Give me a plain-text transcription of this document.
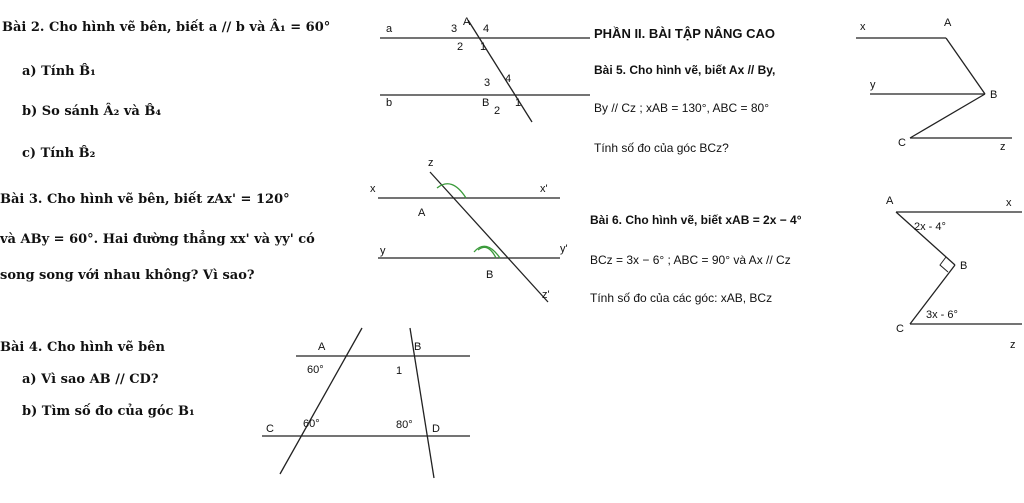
Bài 2. Cho hình vẽ bên, biết a // b và Â₁ = 60°
a) Tính B̂₁
b) So sánh Â₂ và B̂₄
c) Tính B̂₂
Bài 3. Cho hình vẽ bên, biết zAx' = 120°
và ABy = 60°. Hai đường thẳng xx' và yy' có
song song với nhau không? Vì sao?
Bài 4. Cho hình vẽ bên
a) Vì sao AB // CD?
b) Tìm số đo của góc B₁
PHẦN II. BÀI TẬP NÂNG CAO
Bài 5. Cho hình vẽ, biết Ax // By,
By // Cz ; xAB = 130°, ABC = 80°
Tính số đo của góc BCz?
Bài 6. Cho hình vẽ, biết xAB = 2x − 4°
BCz = 3x − 6° ; ABC = 90° và Ax // Cz
Tính số đo của các góc: xAB, BCz
a
b
A
3 4
2 1
3 4
B
2
1
z
x	x'
A
y	y'
B
z'
A	B
60°	1
C	60°	80° D
x	A
y
B
C	z
A	x
2x - 4°
B
3x - 6°
C
z
